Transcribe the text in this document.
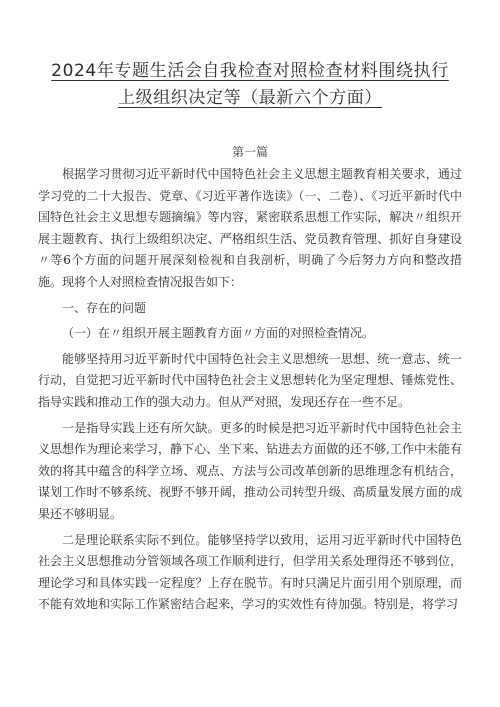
2024年专题生活会自我检查对照检查材料围绕执行上级组织决定等（最新六个方面）
第一篇

根据学习贯彻习近平新时代中国特色社会主义思想主题教育相关要求，通过学习党的二十大报告、党章、《习近平著作选读》（一、二卷）、《习近平新时代中国特色社会主义思想专题摘编》等内容，紧密联系思想工作实际，解决〃组织开展主题教育、执行上级组织决定、严格组织生活、党员教育管理、抓好自身建设〃等6个方面的问题开展深刻检视和自我剖析，明确了今后努力方向和整改措施。现将个人对照检查情况报告如下：

一、存在的问题

（一）在〃组织开展主题教育方面〃方面的对照检查情况。

能够坚持用习近平新时代中国特色社会主义思想统一思想、统一意志、统一行动，自觉把习近平新时代中国特色社会主义思想转化为坚定理想、锤炼党性、指导实践和推动工作的强大动力。但从严对照，发现还存在一些不足。

一是指导实践上还有所欠缺。更多的时候是把习近平新时代中国特色社会主义思想作为理论来学习，静下心、坐下来、钻进去方面做的还不够,工作中未能有效的将其中蕴含的科学立场、观点、方法与公司改革创新的思维理念有机结合，谋划工作时不够系统、视野不够开阔，推动公司转型升级、高质量发展方面的成果还不够明显。

二是理论联系实际不到位。能够坚持学以致用，运用习近平新时代中国特色社会主义思想推动分管领域各项工作顺利进行，但学用关系处理得还不够到位，理论学习和具体实践一定程度？上存在脱节。有时只满足片面引用个别原理，而不能有效地和实际工作紧密结合起来，学习的实效性有待加强。特别是，将学习
